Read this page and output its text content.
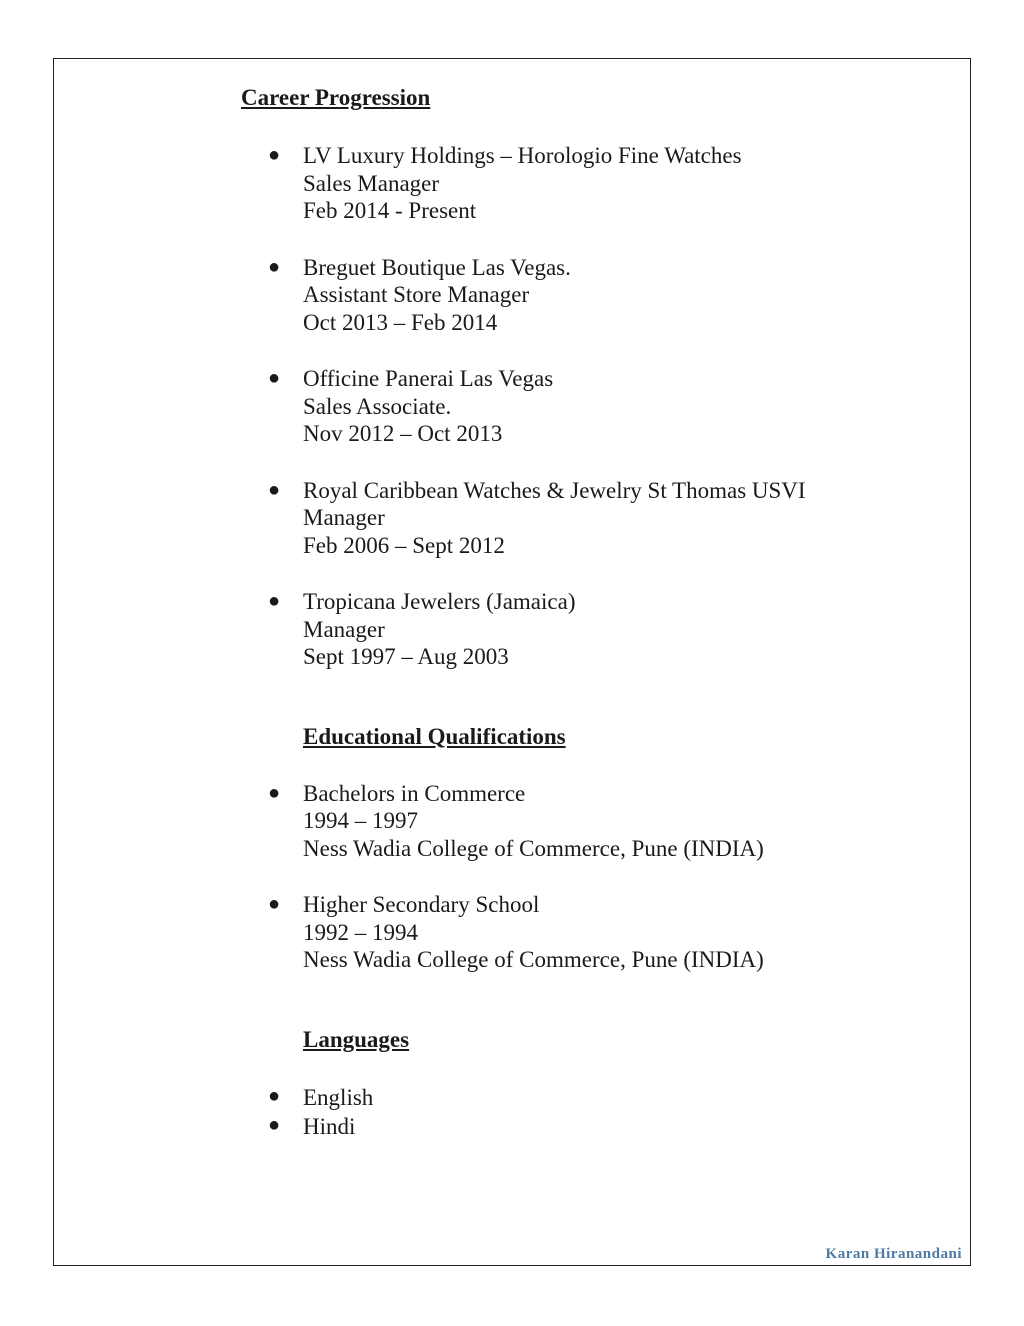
Career Progression
● LV Luxury Holdings – Horologio Fine Watches
Sales Manager
Feb 2014 - Present
● Breguet Boutique Las Vegas.
Assistant Store Manager
Oct 2013 – Feb 2014
● Officine Panerai Las Vegas
Sales Associate.
Nov 2012 – Oct 2013
● Royal Caribbean Watches & Jewelry St Thomas USVI
Manager
Feb 2006 – Sept 2012
● Tropicana Jewelers (Jamaica)
Manager
Sept 1997 – Aug 2003
Educational Qualifications
● Bachelors in Commerce
1994 – 1997
Ness Wadia College of Commerce, Pune (INDIA)
● Higher Secondary School
1992 – 1994
Ness Wadia College of Commerce, Pune (INDIA)
Languages
● English
● Hindi
Karan Hiranandani
